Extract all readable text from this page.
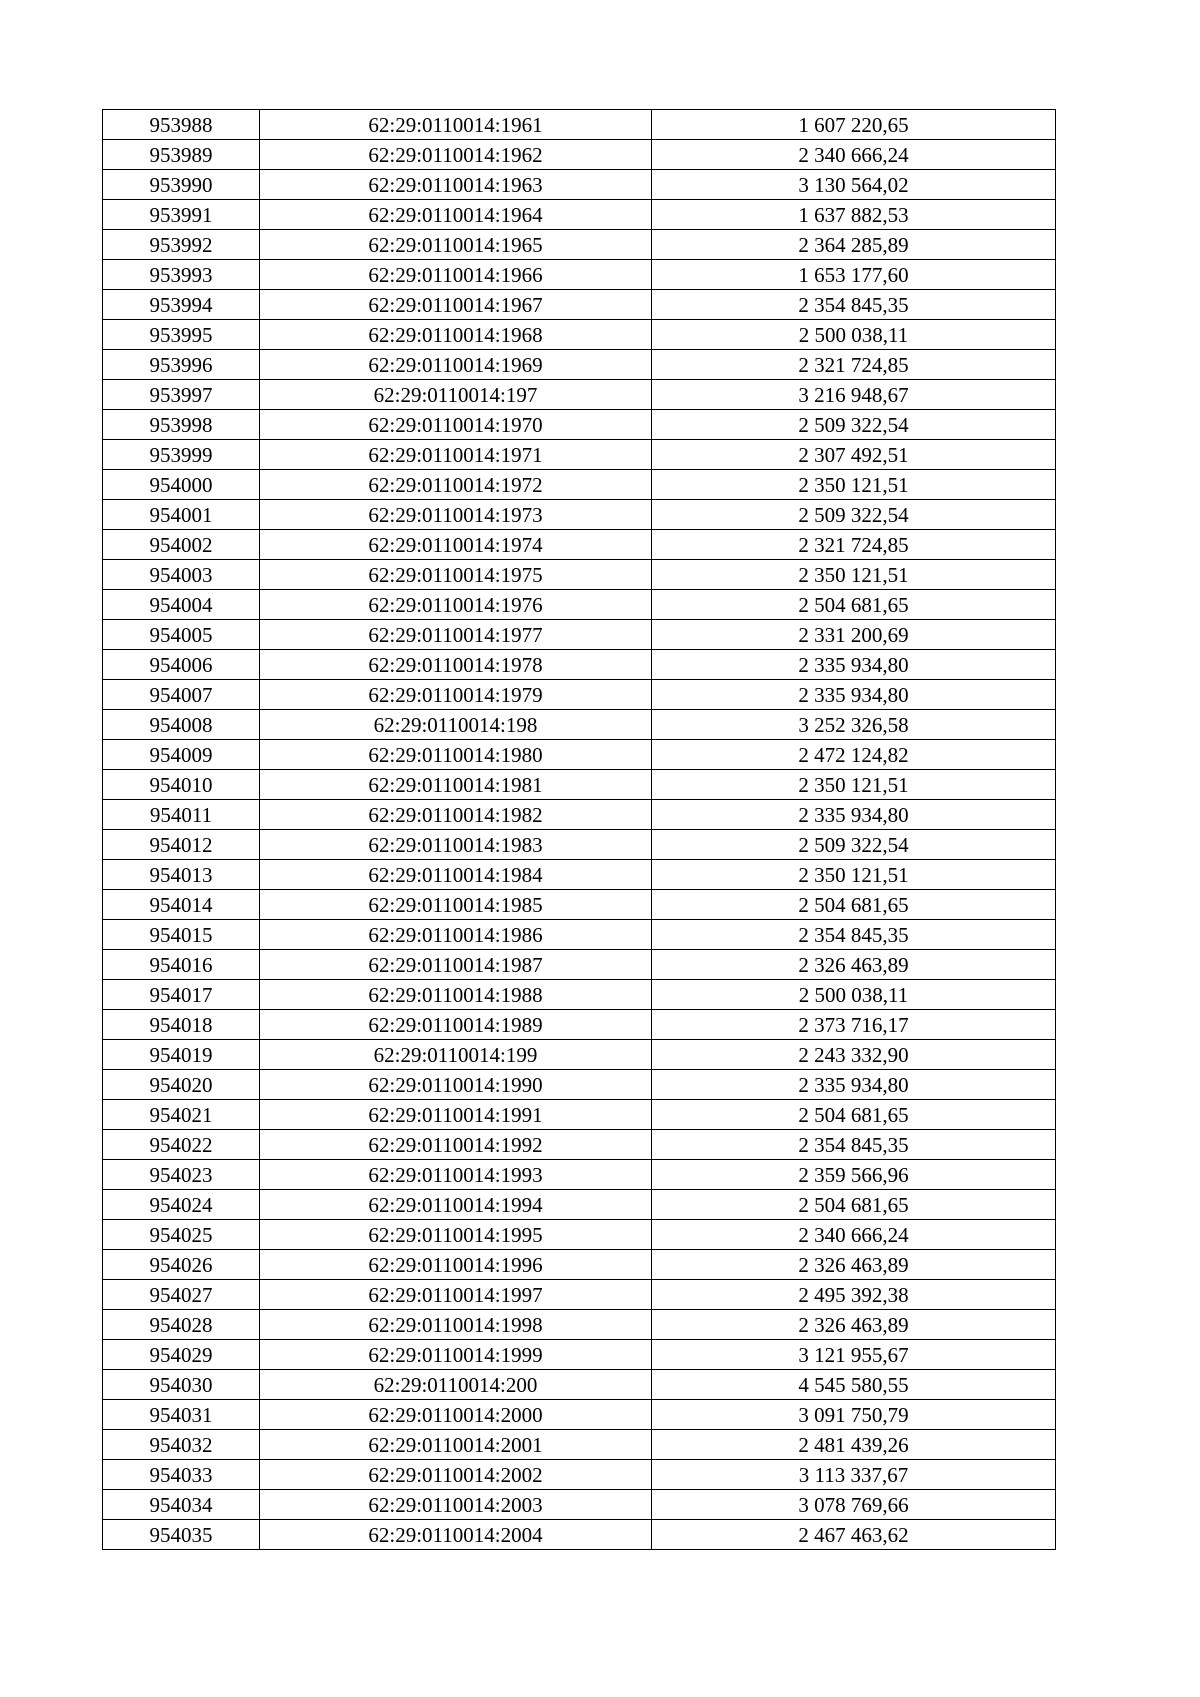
953988	62:29:0110014:1961	1 607 220,65
953989	62:29:0110014:1962	2 340 666,24
953990	62:29:0110014:1963	3 130 564,02
953991	62:29:0110014:1964	1 637 882,53
953992	62:29:0110014:1965	2 364 285,89
953993	62:29:0110014:1966	1 653 177,60
953994	62:29:0110014:1967	2 354 845,35
953995	62:29:0110014:1968	2 500 038,11
953996	62:29:0110014:1969	2 321 724,85
953997	62:29:0110014:197	3 216 948,67
953998	62:29:0110014:1970	2 509 322,54
953999	62:29:0110014:1971	2 307 492,51
954000	62:29:0110014:1972	2 350 121,51
954001	62:29:0110014:1973	2 509 322,54
954002	62:29:0110014:1974	2 321 724,85
954003	62:29:0110014:1975	2 350 121,51
954004	62:29:0110014:1976	2 504 681,65
954005	62:29:0110014:1977	2 331 200,69
954006	62:29:0110014:1978	2 335 934,80
954007	62:29:0110014:1979	2 335 934,80
954008	62:29:0110014:198	3 252 326,58
954009	62:29:0110014:1980	2 472 124,82
954010	62:29:0110014:1981	2 350 121,51
954011	62:29:0110014:1982	2 335 934,80
954012	62:29:0110014:1983	2 509 322,54
954013	62:29:0110014:1984	2 350 121,51
954014	62:29:0110014:1985	2 504 681,65
954015	62:29:0110014:1986	2 354 845,35
954016	62:29:0110014:1987	2 326 463,89
954017	62:29:0110014:1988	2 500 038,11
954018	62:29:0110014:1989	2 373 716,17
954019	62:29:0110014:199	2 243 332,90
954020	62:29:0110014:1990	2 335 934,80
954021	62:29:0110014:1991	2 504 681,65
954022	62:29:0110014:1992	2 354 845,35
954023	62:29:0110014:1993	2 359 566,96
954024	62:29:0110014:1994	2 504 681,65
954025	62:29:0110014:1995	2 340 666,24
954026	62:29:0110014:1996	2 326 463,89
954027	62:29:0110014:1997	2 495 392,38
954028	62:29:0110014:1998	2 326 463,89
954029	62:29:0110014:1999	3 121 955,67
954030	62:29:0110014:200	4 545 580,55
954031	62:29:0110014:2000	3 091 750,79
954032	62:29:0110014:2001	2 481 439,26
954033	62:29:0110014:2002	3 113 337,67
954034	62:29:0110014:2003	3 078 769,66
954035	62:29:0110014:2004	2 467 463,62
